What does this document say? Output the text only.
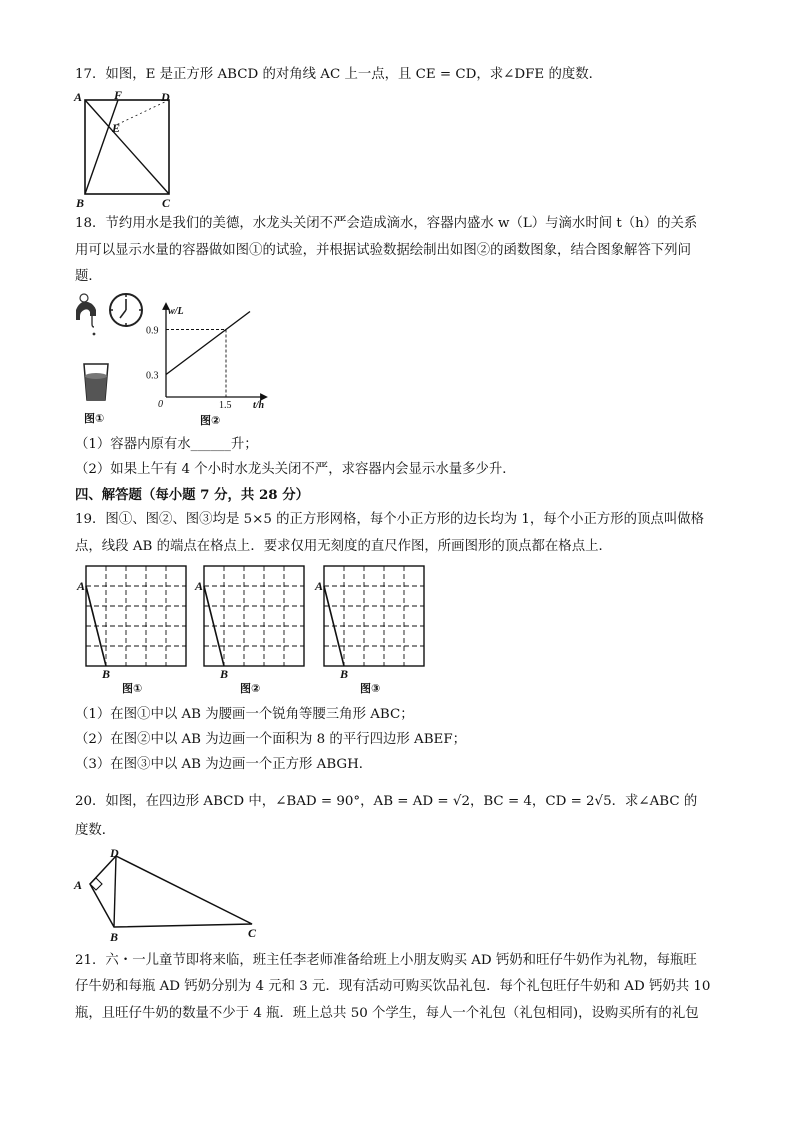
17．如图，E 是正方形 ABCD 的对角线 AC 上一点，且 CE = CD，求∠DFE 的度数．
A	F	D
E
B	C
18．节约用水是我们的美德，水龙头关闭不严会造成滴水，容器内盛水 w（L）与滴水时间 t（h）的关系
用可以显示水量的容器做如图①的试验，并根据试验数据绘制出如图②的函数图象，结合图象解答下列问
题．
图①
w/L
t/h
0
0.3
0.9
1.5
图②
（1）容器内原有水______升；
（2）如果上午有 4 个小时水龙头关闭不严，求容器内会显示水量多少升．
四、解答题（每小题 7 分，共 28 分）
19．图①、图②、图③均是 5×5 的正方形网格，每个小正方形的边长均为 1，每个小正方形的顶点叫做格
点，线段 AB 的端点在格点上．要求仅用无刻度的直尺作图，所画图形的顶点都在格点上．
A
B
图①
A
B
图②
A
B
图③
（1）在图①中以 AB 为腰画一个锐角等腰三角形 ABC；
（2）在图②中以 AB 为边画一个面积为 8 的平行四边形 ABEF；
（3）在图③中以 AB 为边画一个正方形 ABGH．
20．如图，在四边形 ABCD 中，∠BAD = 90°，AB = AD = √2，BC = 4，CD = 2√5．求∠ABC 的
度数．
D
A
B	C
21．六・一儿童节即将来临，班主任李老师准备给班上小朋友购买 AD 钙奶和旺仔牛奶作为礼物，每瓶旺
仔牛奶和每瓶 AD 钙奶分别为 4 元和 3 元．现有活动可购买饮品礼包．每个礼包旺仔牛奶和 AD 钙奶共 10
瓶，且旺仔牛奶的数量不少于 4 瓶．班上总共 50 个学生，每人一个礼包（礼包相同)，设购买所有的礼包
